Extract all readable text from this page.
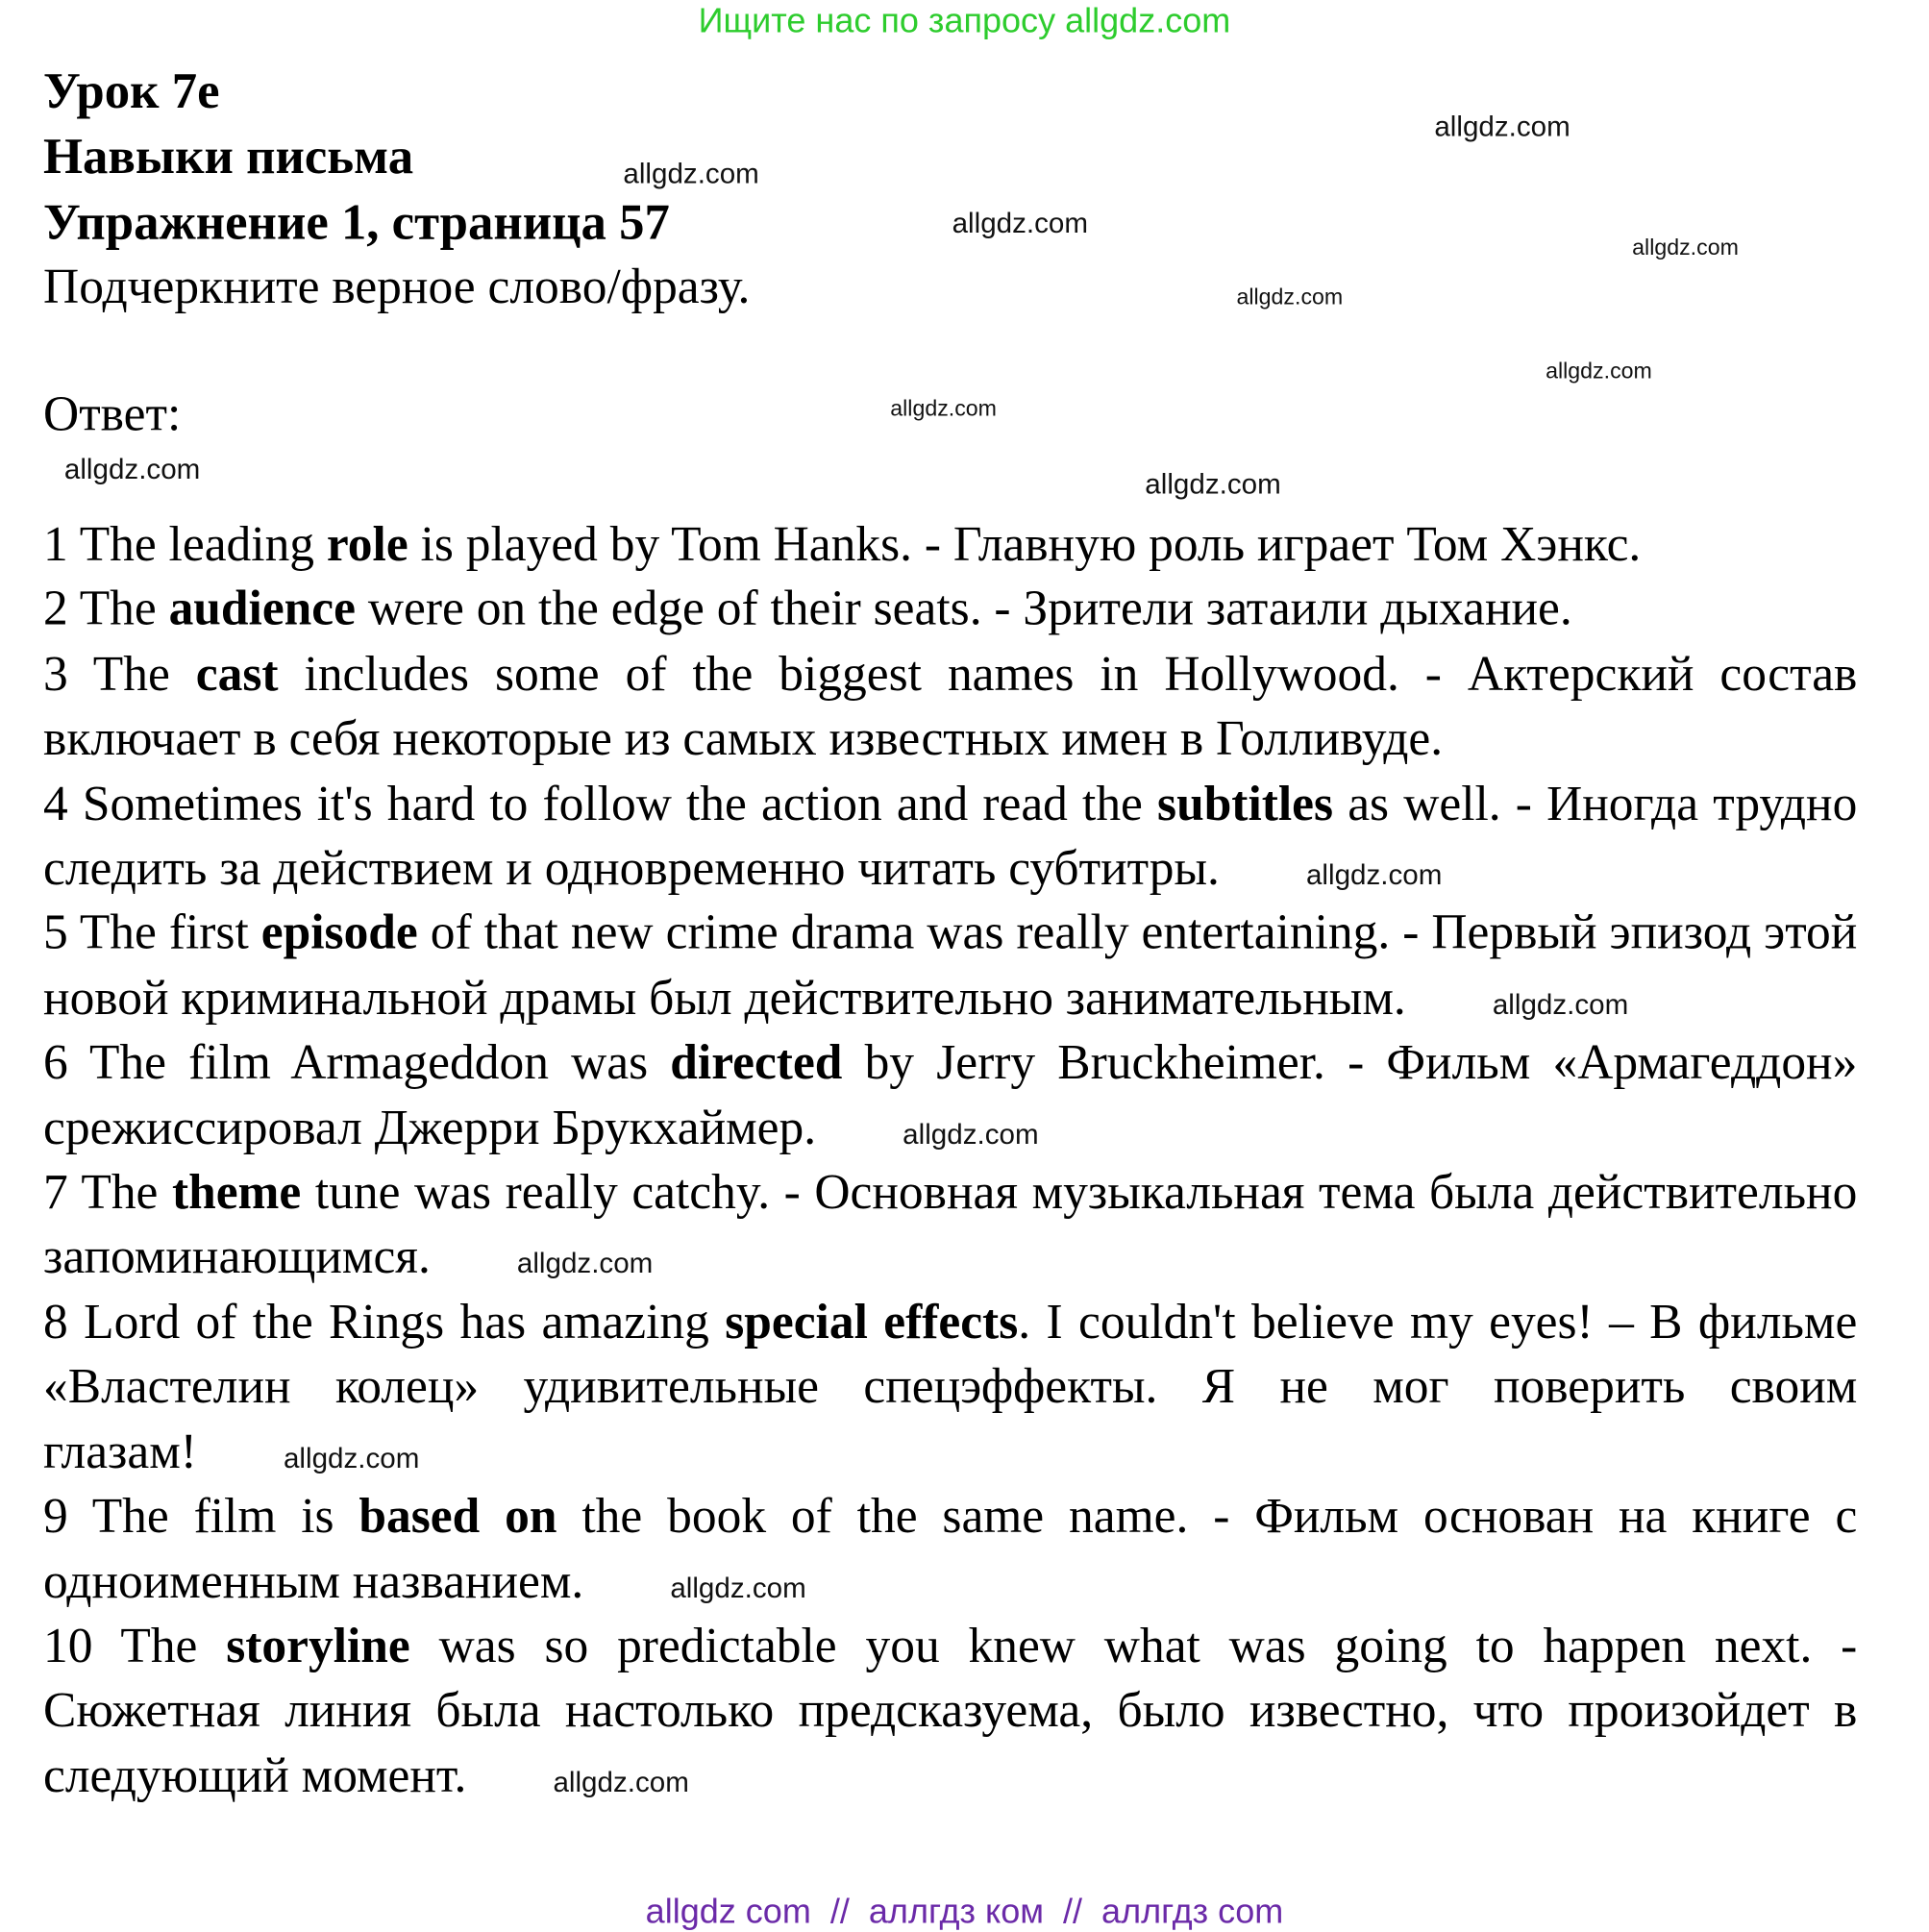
Ищите нас по запросу allgdz.com
Урок 7e
Навыки письма
Упражнение 1, страница 57
Подчеркните верное слово/фразу.
Ответ:
1 The leading role is played by Tom Hanks. - Главную роль играет Том Хэнкс.
2 The audience were on the edge of their seats. - Зрители затаили дыхание.
3 The cast includes some of the biggest names in Hollywood. - Актерский состав включает в себя некоторые из самых известных имен в Голливуде.
4 Sometimes it's hard to follow the action and read the subtitles as well. - Иногда трудно следить за действием и одновременно читать субтитры.	allgdz.com
5 The first episode of that new crime drama was really entertaining. - Первый эпизод этой новой криминальной драмы был действительно занимательным.	allgdz.com
6 The film Armageddon was directed by Jerry Bruckheimer. - Фильм «Армагеддон» срежиссировал Джерри Брукхаймер.	allgdz.com
7 The theme tune was really catchy. - Основная музыкальная тема была действительно запоминающимся.	allgdz.com
8 Lord of the Rings has amazing special effects. I couldn't believe my eyes! – В фильме «Властелин колец» удивительные спецэффекты. Я не мог поверить своим глазам!	allgdz.com
9 The film is based on the book of the same name. - Фильм основан на книге с одноименным названием.	allgdz.com
10 The storyline was so predictable you knew what was going to happen next. - Сюжетная линия была настолько предсказуема, было известно, что произойдет в следующий момент.	allgdz.com
allgdz.com
allgdz.com
allgdz.com
allgdz.com	allgdz.com
allgdz.com
allgdz.com
allgdz.com
allgdz.com
allgdz com  //  аллгдз ком  //  аллгдз com
